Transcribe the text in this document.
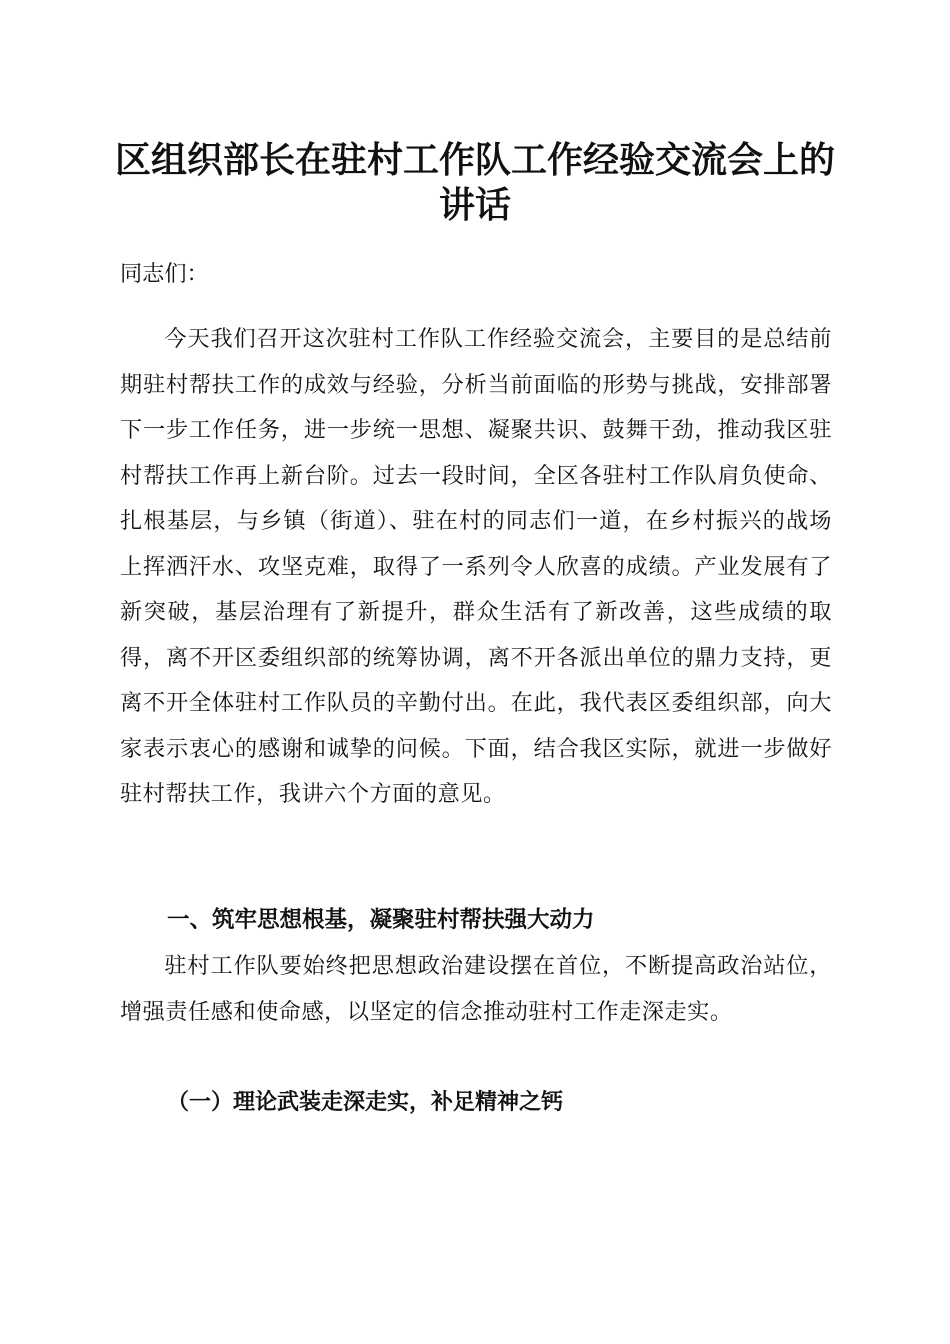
区组织部长在驻村工作队工作经验交流会上的
讲话

同志们：

今天我们召开这次驻村工作队工作经验交流会，主要目的是总结前期驻村帮扶工作的成效与经验，分析当前面临的形势与挑战，安排部署下一步工作任务，进一步统一思想、凝聚共识、鼓舞干劲，推动我区驻村帮扶工作再上新台阶。过去一段时间，全区各驻村工作队肩负使命、扎根基层，与乡镇（街道）、驻在村的同志们一道，在乡村振兴的战场上挥洒汗水、攻坚克难，取得了一系列令人欣喜的成绩。产业发展有了新突破，基层治理有了新提升，群众生活有了新改善，这些成绩的取得，离不开区委组织部的统筹协调，离不开各派出单位的鼎力支持，更离不开全体驻村工作队员的辛勤付出。在此，我代表区委组织部，向大家表示衷心的感谢和诚挚的问候。下面，结合我区实际，就进一步做好驻村帮扶工作，我讲六个方面的意见。

一、筑牢思想根基，凝聚驻村帮扶强大动力

驻村工作队要始终把思想政治建设摆在首位，不断提高政治站位，增强责任感和使命感，以坚定的信念推动驻村工作走深走实。

（一）理论武装走深走实，补足精神之钙
